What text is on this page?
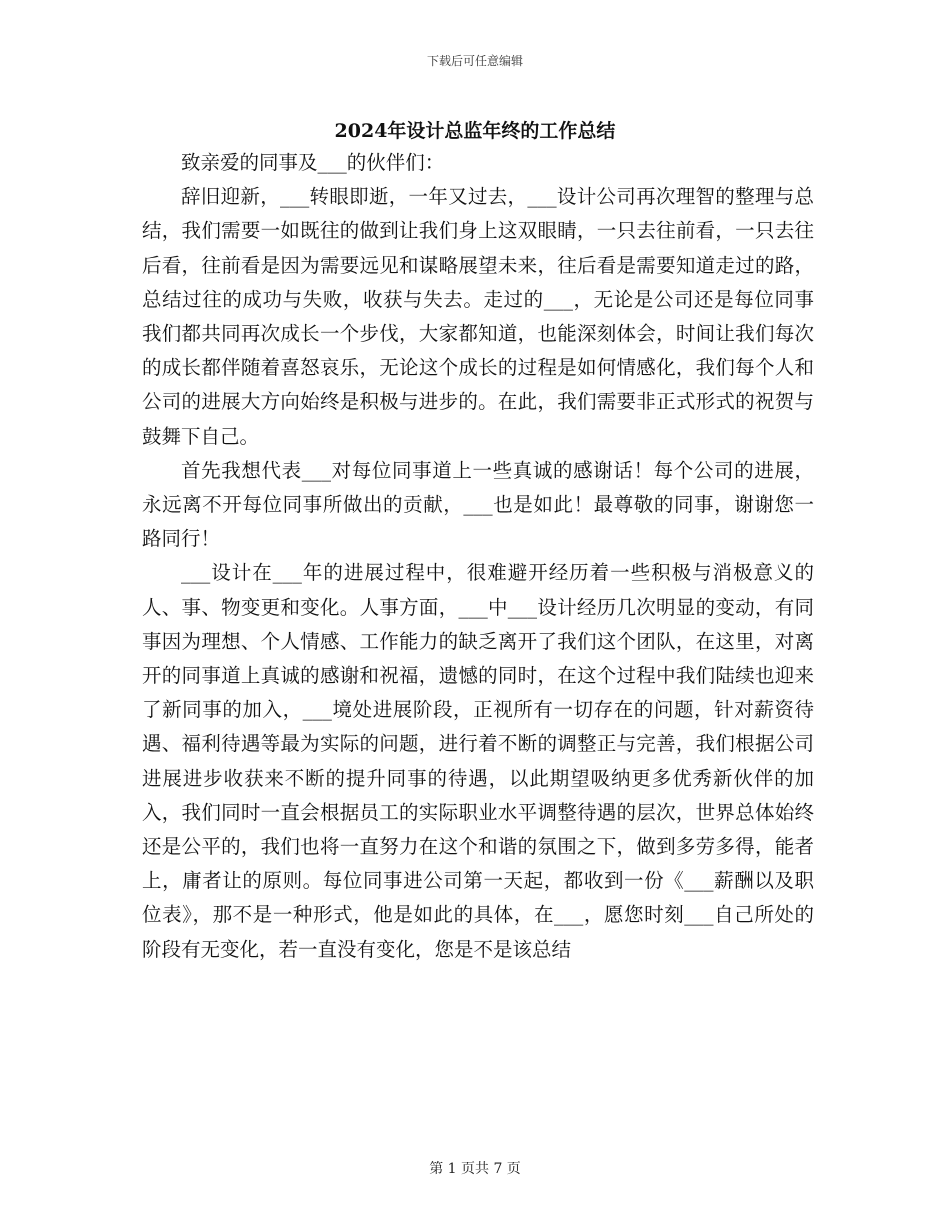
下载后可任意编辑
2024年设计总监年终的工作总结

致亲爱的同事及___的伙伴们：

辞旧迎新，___转眼即逝，一年又过去，___设计公司再次理智的整理与总结，我们需要一如既往的做到让我们身上这双眼睛，一只去往前看，一只去往后看，往前看是因为需要远见和谋略展望未来，往后看是需要知道走过的路，总结过往的成功与失败，收获与失去。走过的___，无论是公司还是每位同事我们都共同再次成长一个步伐，大家都知道，也能深刻体会，时间让我们每次的成长都伴随着喜怒哀乐，无论这个成长的过程是如何情感化，我们每个人和公司的进展大方向始终是积极与进步的。在此，我们需要非正式形式的祝贺与鼓舞下自己。

首先我想代表___对每位同事道上一些真诚的感谢话！每个公司的进展，永远离不开每位同事所做出的贡献，___也是如此！最尊敬的同事，谢谢您一路同行！

___设计在___年的进展过程中，很难避开经历着一些积极与消极意义的人、事、物变更和变化。人事方面，___中___设计经历几次明显的变动，有同事因为理想、个人情感、工作能力的缺乏离开了我们这个团队，在这里，对离开的同事道上真诚的感谢和祝福，遗憾的同时，在这个过程中我们陆续也迎来了新同事的加入，___境处进展阶段，正视所有一切存在的问题，针对薪资待遇、福利待遇等最为实际的问题，进行着不断的调整正与完善，我们根据公司进展进步收获来不断的提升同事的待遇，以此期望吸纳更多优秀新伙伴的加入，我们同时一直会根据员工的实际职业水平调整待遇的层次，世界总体始终还是公平的，我们也将一直努力在这个和谐的氛围之下，做到多劳多得，能者上，庸者让的原则。每位同事进公司第一天起，都收到一份《___薪酬以及职位表》，那不是一种形式，他是如此的具体，在___，愿您时刻___自己所处的阶段有无变化，若一直没有变化，您是不是该总结

第 1 页共 7 页
